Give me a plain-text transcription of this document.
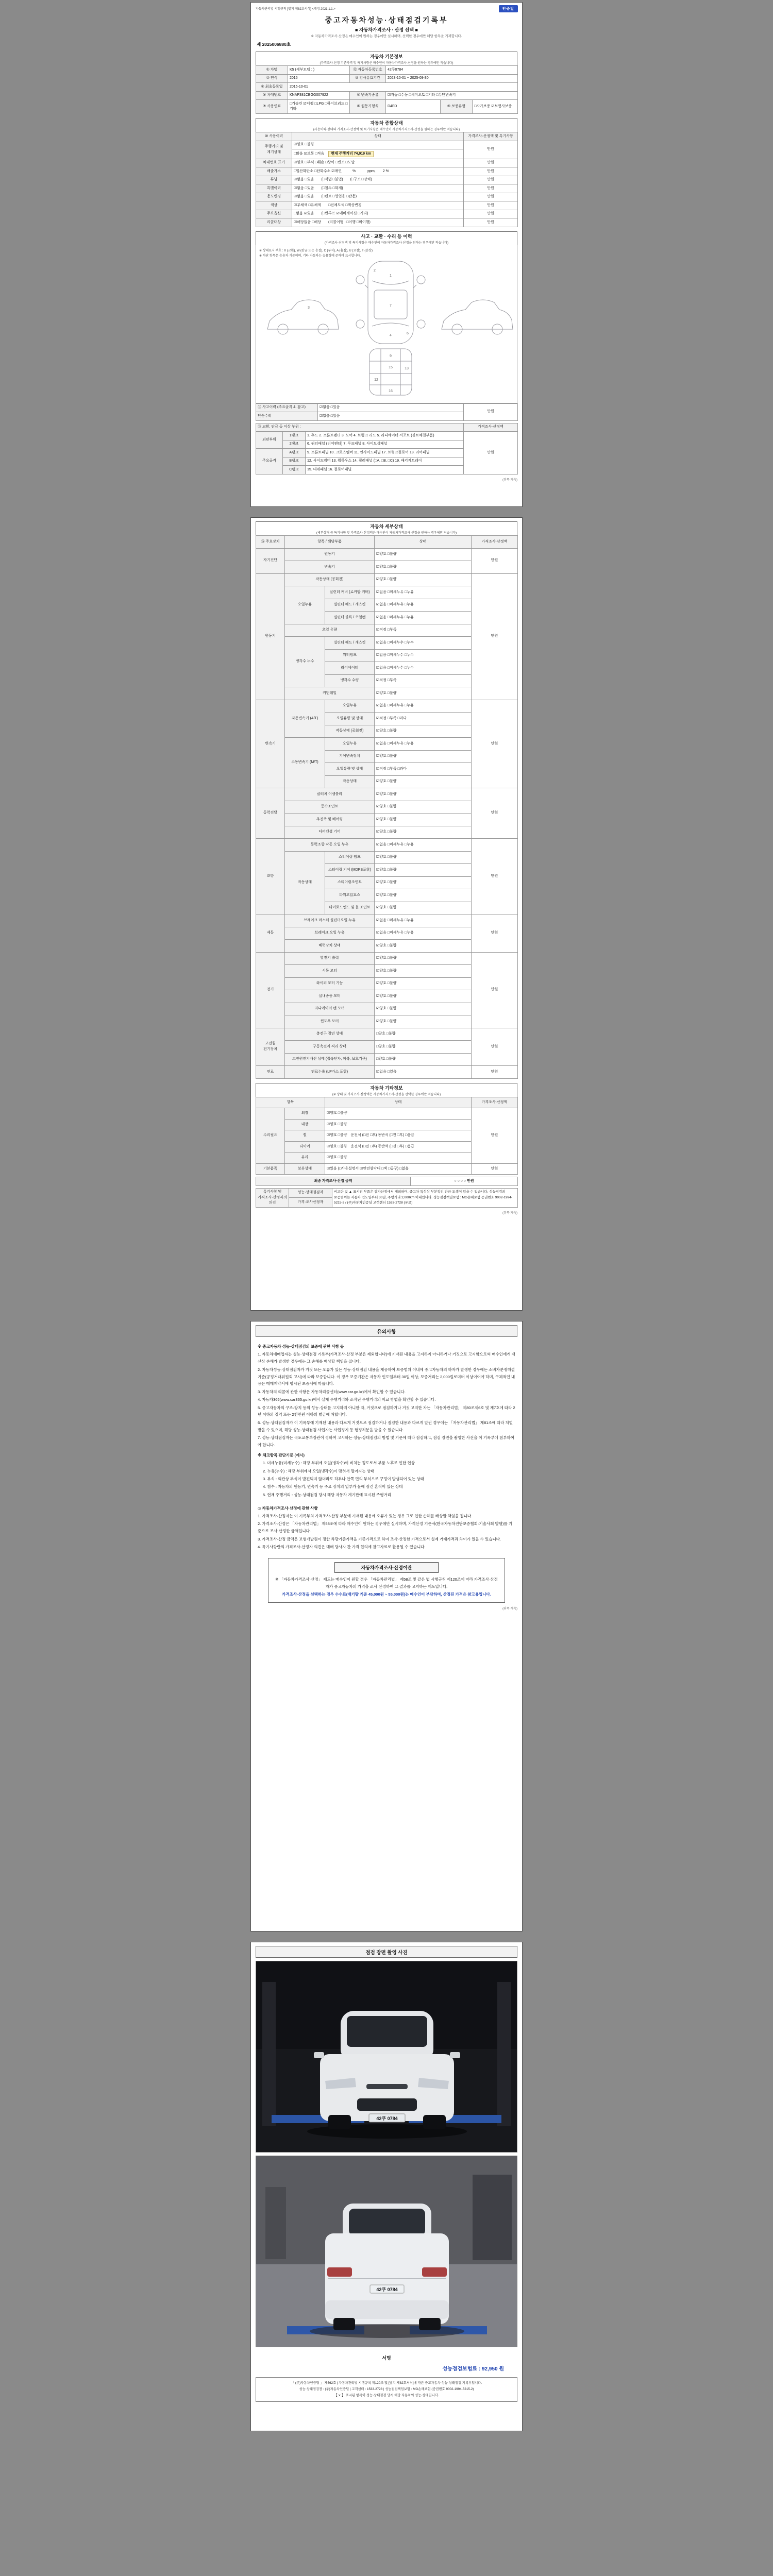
자동차관리법 시행규칙 [별지 제82호서식] <개정 2021.1.1.>	인증딜
중고자동차성능·상태점검기록부
■ 자동차가격조사 · 산정 선택 ■
※ 자동차가격조사·산정은 매수인이 원하는 경우에만 실시하며, 선택한 경우에만 해당 항목을 기재합니다.
제 2025006880호
자동차 기본정보
(가격조사·산정 기준가격 및 특기사항은 매수인이 자동차가격조사·산정을 원하는 경우에만 적습니다)
① 차명	K5 (세부모델 : )	⑫ 자동차등록번호	42쿠0784		
② 연식	2016	③ 검사유효기간	2023-10-01 ~ 2025-09-30		
④ 최초등록일	2015-10-01				
⑤ 차대번호	KNAP381CBGG007922	⑥ 변속기종류	☑자동 □수동 □세미오토 □기타 □무단변속기		
⑦ 사용연료	□가솔린 ☑디젤 □LPG □하이브리드 □기타	⑧ 원동기형식	D4FD	⑨ 보증유형	□자가보증 ☑보험사보증
자동차 종합상태
(사용이력·상태의 가격조사·산정액 및 특기사항은 매수인이 자동차가격조사·산정을 원하는 경우에만 적습니다)
⑩ 사용이력	상태	가격조사·산정액 및 특기사항
주행거리 및 계기상태	☑양호 □불량	만원
	□많음 ☑보통 □적음 현재 주행거리 74,019 km	
차대번호 표기	☑양호 □부식 □훼손 □상이 □변조 □도말	만원
배출가스	□일산화탄소 □탄화수소 ☑매연　　　% 　　　ppm,　　2 %	만원
튜닝	☑없음 □있음　　(□적법 □불법)　　(□구조 □장치)	만원
특별이력	☑없음 □있음　　(□침수 □화재)	만원
용도변경	☑없음 □있음　　(□렌트 □영업용 □관용)	만원
색상	☑무채색 □유채색　　□전체도색 □색상변경	만원
주요옵션	□없음 ☑있음　　(□썬루프 ☑네비게이션 □기타)	만원
리콜대상	☑해당없음 □해당　　(리콜이행 : □이행 □미이행)	만원
사고 · 교환 · 수리 등 이력
(가격조사·산정액 및 특기사항은 매수인이 자동차가격조사·산정을 원하는 경우에만 적습니다)
※ 상태표시 부호 : X (교환), W (판금 또는 용접), C (부식), A (흠집), U (요철), T (손상)
※ 하단 항목은 승용차 기준이며, 기타 자동차는 승용형에 준하여 표시합니다.
1
2
3
4
6
7
9
12
13
15
16
⑭ 사고이력 (주요골격 4. 참고)	☑없음 □있음	만원
단순수리	☑없음 □있음	
⑮ 교환, 판금 등 이상 부위 :			가격조사·산정액
외판부위	1랭크	1. 후드 2. 프론트펜더 3. 도어 4. 트렁크 리드 5. 라디에이터 서포트 (볼트체결부품)	만원
	2랭크	6. 쿼터패널 (리어펜더) 7. 루프패널 8. 사이드실패널	
주요골격	A랭크	9. 프론트패널 10. 크로스멤버 11. 인사이드패널 17. 트렁크플로어 18. 리어패널	
	B랭크	12. 사이드멤버 13. 휠하우스 14. 필러패널 (□A, □B, □C) 19. 패키지트레이	
	C랭크	15. 대쉬패널 16. 플로어패널	
(뒤쪽 계속)
자동차 세부상태
(세부상태 중 특기사항 및 가격조사·산정액은 매수인이 자동차가격조사·산정을 원하는 경우에만 적습니다)
⑯ 주요장치	항목 / 해당부품		상태	가격조사·산정액
자기진단	원동기		☑양호 □불량	만원
	변속기		☑양호 □불량	
원동기	작동상태 (공회전)		☑양호 □불량	만원
	오일누유	실린더 커버 (로커암 커버)	☑없음 □미세누유 □누유	
		실린더 헤드 / 개스킷	☑없음 □미세누유 □누유	
		실린더 블록 / 오일팬	☑없음 □미세누유 □누유	
	오일 유량		☑적정 □부족	
	냉각수 누수	실린더 헤드 / 개스킷	☑없음 □미세누수 □누수	
		워터펌프	☑없음 □미세누수 □누수	
		라디에이터	☑없음 □미세누수 □누수	
		냉각수 수량	☑적정 □부족	
	커먼레일		☑양호 □불량	
변속기	자동변속기 (A/T)	오일누유	☑없음 □미세누유 □누유	만원
		오일유량 및 상태	☑적정 □부족 □과다	
		작동상태 (공회전)	☑양호 □불량	
	수동변속기 (M/T)	오일누유	☑없음 □미세누유 □누유	
		기어변속장치	☑양호 □불량	
		오일유량 및 상태	☑적정 □부족 □과다	
		작동상태	☑양호 □불량	
동력전달	클러치 어셈블리		☑양호 □불량	만원
	등속조인트		☑양호 □불량	
	추진축 및 베어링		☑양호 □불량	
	디퍼렌셜 기어		☑양호 □불량	
조향	동력조향 작동 오일 누유		☑없음 □미세누유 □누유	만원
	작동상태	스티어링 펌프	☑양호 □불량	
		스티어링 기어 (MDPS포함)	☑양호 □불량	
		스티어링조인트	☑양호 □불량	
		파워고압호스	☑양호 □불량	
		타이로드엔드 및 볼 조인트	☑양호 □불량	
제동	브레이크 마스터 실린더오일 누유		☑없음 □미세누유 □누유	만원
	브레이크 오일 누유		☑없음 □미세누유 □누유	
	배력장치 상태		☑양호 □불량	
전기	발전기 출력		☑양호 □불량	만원
	시동 모터		☑양호 □불량	
	와이퍼 모터 기능		☑양호 □불량	
	실내송풍 모터		☑양호 □불량	
	라디에이터 팬 모터		☑양호 □불량	
	윈도우 모터		☑양호 □불량	
고전원 전기장치	충전구 절연 상태		□양호 □불량	만원
	구동축전지 격리 상태		□양호 □불량	
	고전원전기배선 상태 (접속단자, 피복, 보호기구)		□양호 □불량	
연료	연료누출 (LP가스 포함)		☑없음 □있음	만원
자동차 기타정보
(※ 상태 및 가격조사·산정액은 자동차가격조사·산정을 선택한 경우에만 적습니다)
항목		상태	가격조사·산정액
수리필요	외장	☑양호 □불량	만원
	내장	☑양호 □불량	
	휠	☑양호 □불량　운전석 (□전 □후) 동반석 (□전 □후) □응급	
	타이어	☑양호 □불량　운전석 (□전 □후) 동반석 (□전 □후) □응급	
	유리	☑양호 □불량	
기본품목	보유상태	☑있음 (□사용설명서 ☑안전삼각대 □잭 □공구) □없음	만원
최종 가격조사·산정 금액	○ ○ ○ ○ 만원
특기사항 및 가격조사·산정자의 의견	성능·상태점검자	비고란 및 ▲ 표시된 부품은 감가산정에서 제외하며, 중고차 특성상 부분적인 판금·도색이 있을 수 있습니다. 성능점검의 보증범위는 자동차 인도일부터 30일, 주행거리 2,000km 이내입니다. 성능점검책임보험 : MG손해보험 증권번호 9002-1994-5215-2 / (주)자동차인증딜 고객센터 1533-2728 (유료)
가격·조사산정자
(뒤쪽 계속)
유의사항
※ 중고자동차 성능·상태점검의 보증에 관한 사항 등
1. 자동차매매업자는 성능·상태점검 기록부(가격조사·산정 부분은 제외합니다)에 기재된 내용을 고지하지 아니하거나 거짓으로 고지함으로써 매수인에게 재산상 손해가 발생한 경우에는 그 손해를 배상할 책임을 집니다.
2. 자동차성능·상태점검자가 거짓 또는 오류가 있는 성능·상태점검 내용을 제공하여 보증범위 이내에 중고자동차의 하자가 발생한 경우에는 소비자분쟁해결기준(공정거래위원회 고시)에 따라 보증합니다. 이 경우 보증기간은 자동차 인도일부터 30일 이상, 보증거리는 2,000킬로미터 이상이어야 하며, 구체적인 내용은 매매계약서에 명시된 보증서에 따릅니다.
3. 자동차의 리콜에 관한 사항은 자동차리콜센터(www.car.go.kr)에서 확인할 수 있습니다.
4. 자동차365(www.car365.go.kr)에서 실제 주행거리와 조작된 주행거리의 비교 방법을 확인할 수 있습니다.
5. 중고자동차의 구조·장치 등의 성능·상태를 고지하지 아니한 자, 거짓으로 점검하거나 거짓 고지한 자는 「자동차관리법」 제80조제6호 및 제7호에 따라 2년 이하의 징역 또는 2천만원 이하의 벌금에 처합니다.
6. 성능·상태점검자가 이 기록부에 기재된 내용과 다르게 거짓으로 점검하거나 점검한 내용과 다르게 알린 경우에는 「자동차관리법」 제81조에 따라 처벌받을 수 있으며, 해당 성능·상태점검 사업자는 사업정지 등 행정처분을 받을 수 있습니다.
7. 성능·상태점검자는 국토교통부장관이 정하여 고시하는 성능·상태점검의 방법 및 기준에 따라 점검하고, 점검 장면을 촬영한 사진을 이 기록부에 첨부하여야 합니다.
※ 체크항목 판단기준 (예시)
1. 미세누유(미세누수) : 해당 부위에 오일(냉각수)이 비치는 정도로서 부품 노후로 인한 현상
2. 누유(누수) : 해당 부위에서 오일(냉각수)이 맺혀서 떨어지는 상태
3. 부식 : 외관상 부식이 발견되지 않더라도 하부나 안쪽 면의 부식으로 구멍이 발생되어 있는 상태
4. 침수 : 자동차의 원동기, 변속기 등 주요 장치의 일부가 물에 잠긴 흔적이 있는 상태
5. 현재 주행거리 : 성능·상태점검 당시 해당 자동차 계기판에 표시된 주행거리
◎ 자동차가격조사·산정에 관한 사항
1. 가격조사·산정자는 이 기록부의 가격조사·산정 부분에 기재된 내용에 오류가 있는 경우 그로 인한 손해를 배상할 책임을 집니다.
2. 가격조사·산정은 「자동차관리법」 제58조에 따라 매수인이 원하는 경우에만 실시하며, 가격산정 기준서(한국자동차진단보증협회·기술사회 발행)를 기준으로 조사·산정한 금액입니다.
3. 가격조사·산정 금액은 보험개발원이 정한 차량기준가액을 기준가격으로 하여 조사·산정한 가격으로서 실제 거래가격과 차이가 있을 수 있습니다.
4. 특기사항란의 가격조사·산정자 의견은 매매 당사자 간 가격 협의에 참고자료로 활용될 수 있습니다.
자동차가격조사·산정이란
※ 「자동차가격조사·산정」 제도는 매수인이 원할 경우 「자동차관리법」 제58조 및 같은 법 시행규칙 제120조에 따라 가격조사·산정자가 중고자동차의 가격을 조사·산정하여 그 결과를 고지하는 제도입니다.
가격조사·산정을 선택하는 경우 수수료(배기량 기준 45,000원 ~ 55,000원)는 매수인이 부담하며, 산정된 가격은 참고용입니다.
(뒤쪽 계속)
점검 장면 촬영 사진
42쿠 0784
42쿠 0784
서명
성능점검보험료 : 92,950 원
「 (주)자동차인증딜 」 제562호 | 자동차관리법 시행규칙 제120조 및 [별지 제82호서식]에 따른 중고자동차 성능·상태점검 기록부입니다.
성능·상태점검장 : (주)자동차인증딜 | 고객센터 : 1533-2728 | 성능점검책임보험 : MG손해보험 (증권번호 9002-1994-5215-2)
【 ∨ 】 표시된 항목이 성능·상태점검 당시 해당 자동차의 성능·상태입니다.
